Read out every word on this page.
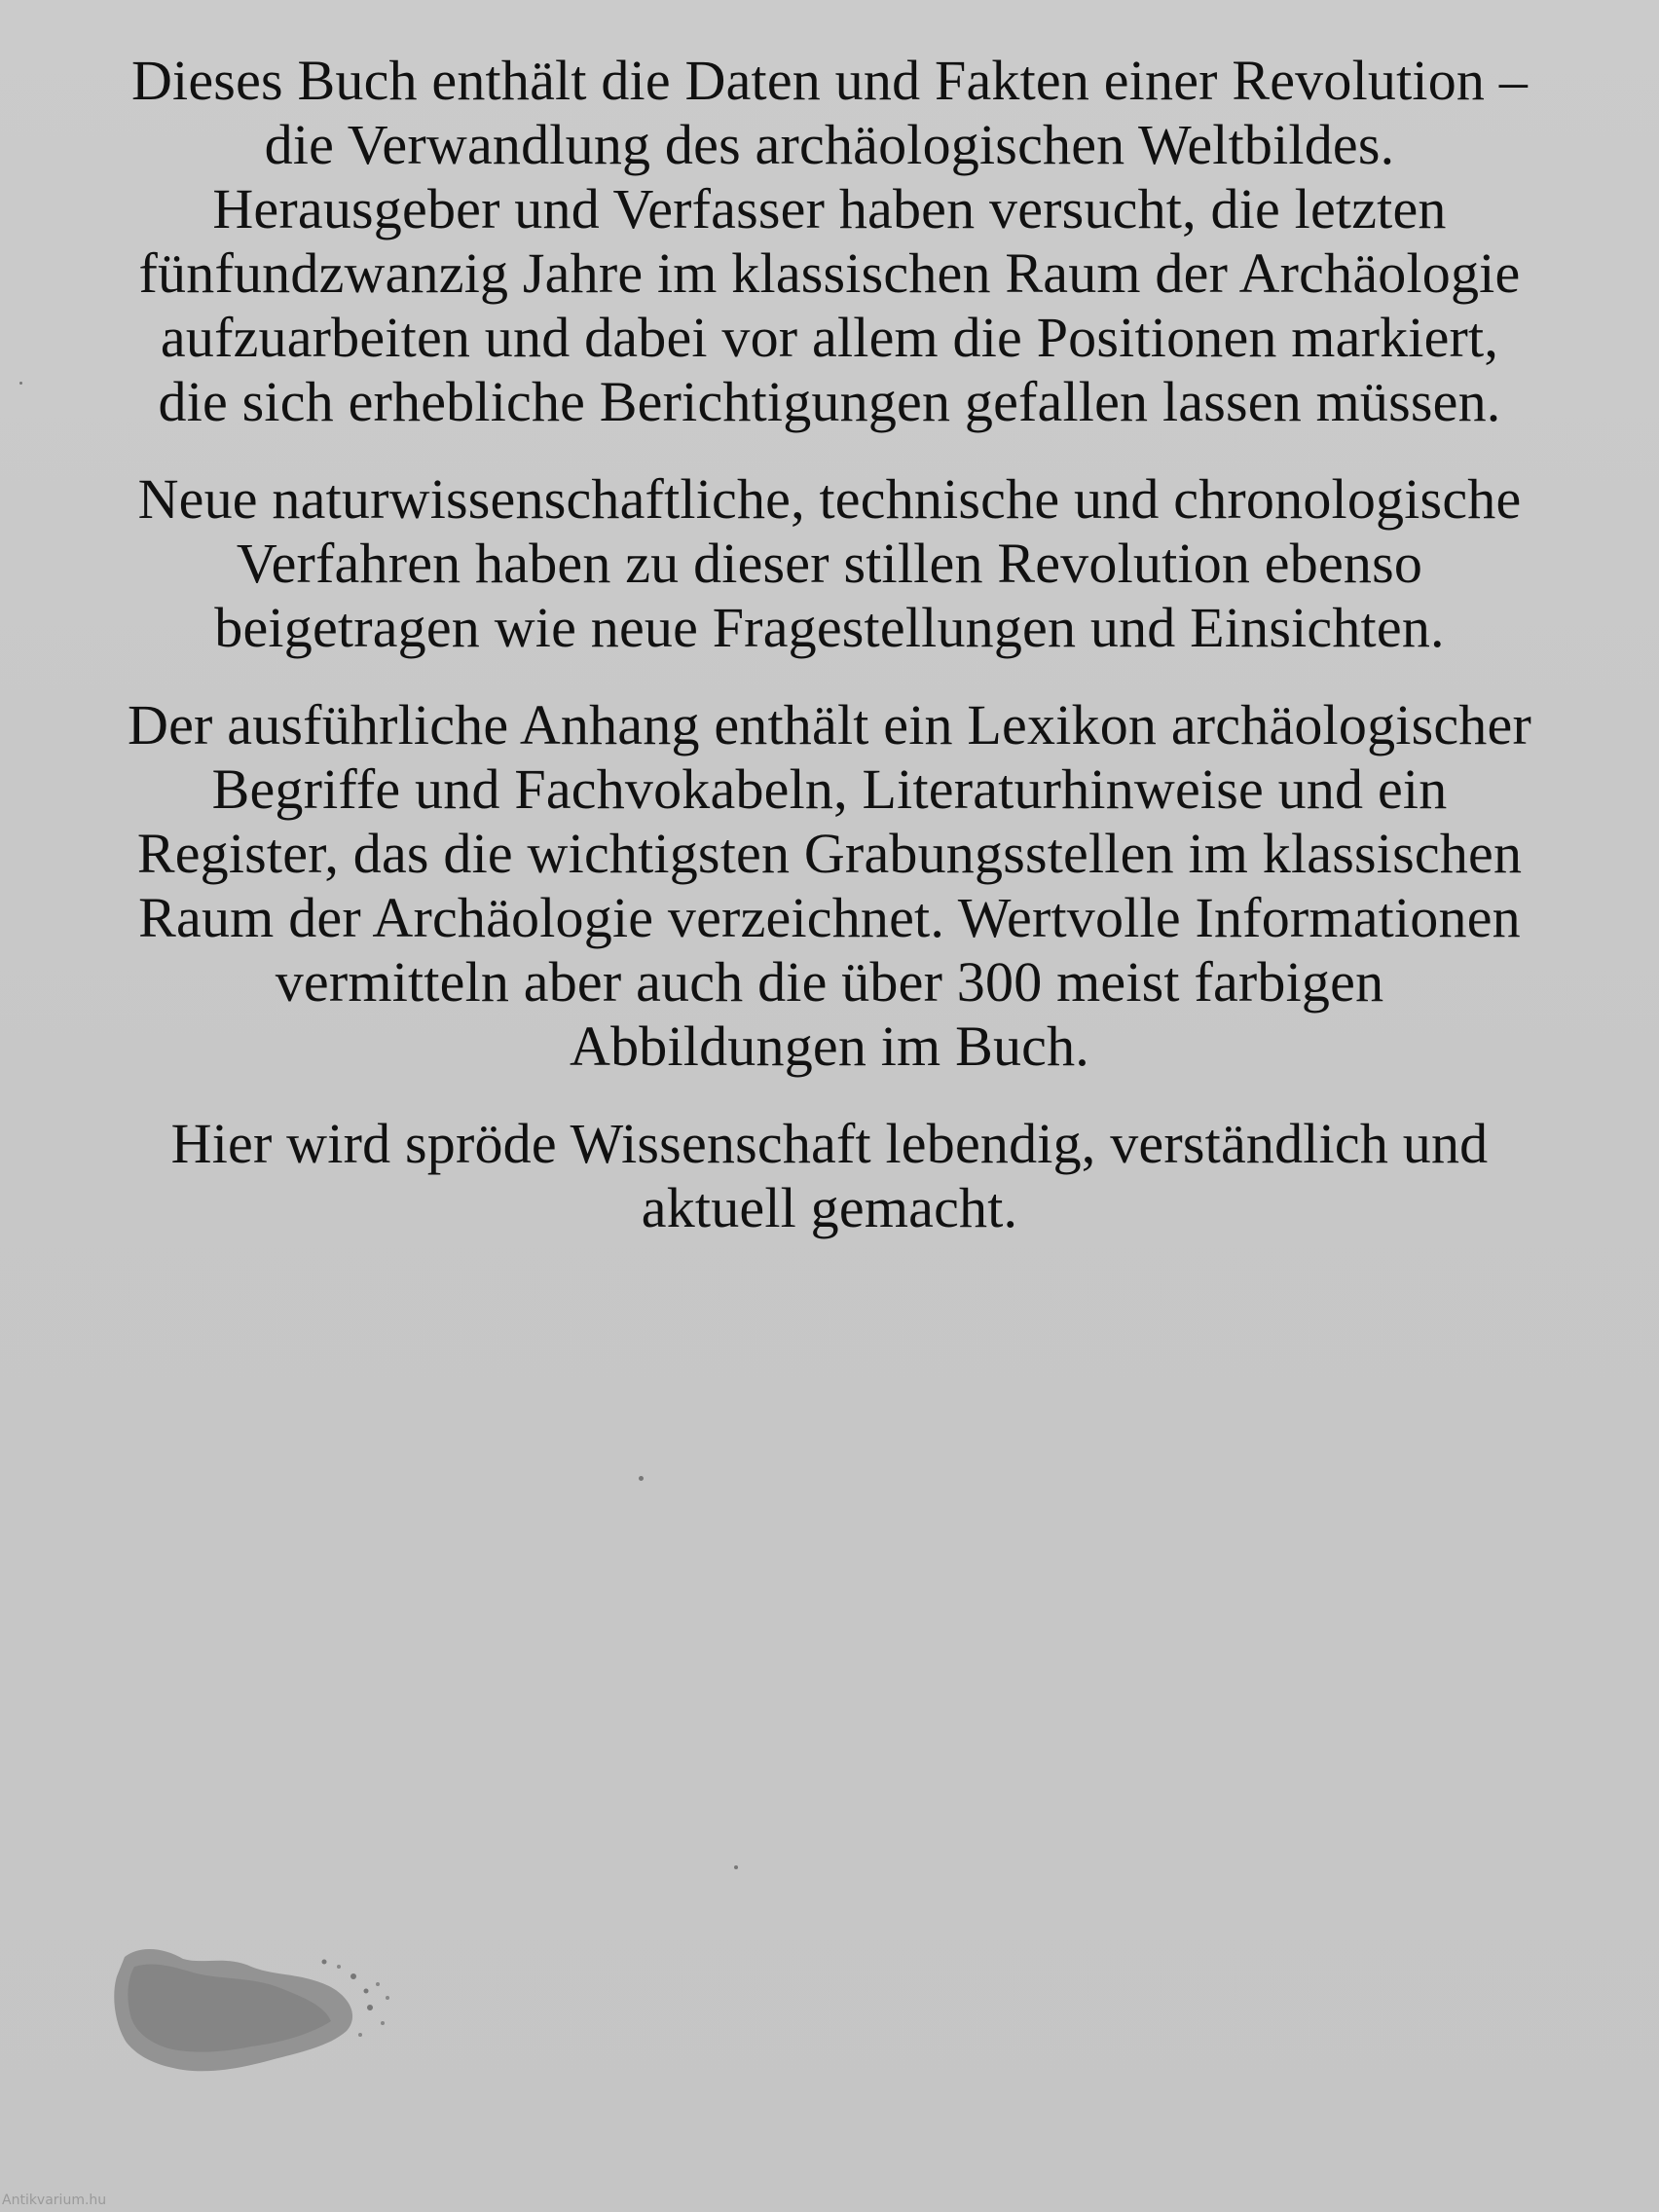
Dieses Buch enthält die Daten und Fakten einer Revolution –
die Verwandlung des archäologischen Weltbildes.
Herausgeber und Verfasser haben versucht, die letzten
fünfundzwanzig Jahre im klassischen Raum der Archäologie
aufzuarbeiten und dabei vor allem die Positionen markiert,
die sich erhebliche Berichtigungen gefallen lassen müssen.

Neue naturwissenschaftliche, technische und chronologische
Verfahren haben zu dieser stillen Revolution ebenso
beigetragen wie neue Fragestellungen und Einsichten.

Der ausführliche Anhang enthält ein Lexikon archäologischer
Begriffe und Fachvokabeln, Literaturhinweise und ein
Register, das die wichtigsten Grabungsstellen im klassischen
Raum der Archäologie verzeichnet. Wertvolle Informationen
vermitteln aber auch die über 300 meist farbigen
Abbildungen im Buch.

Hier wird spröde Wissenschaft lebendig, verständlich und
aktuell gemacht.

Antikvarium.hu
